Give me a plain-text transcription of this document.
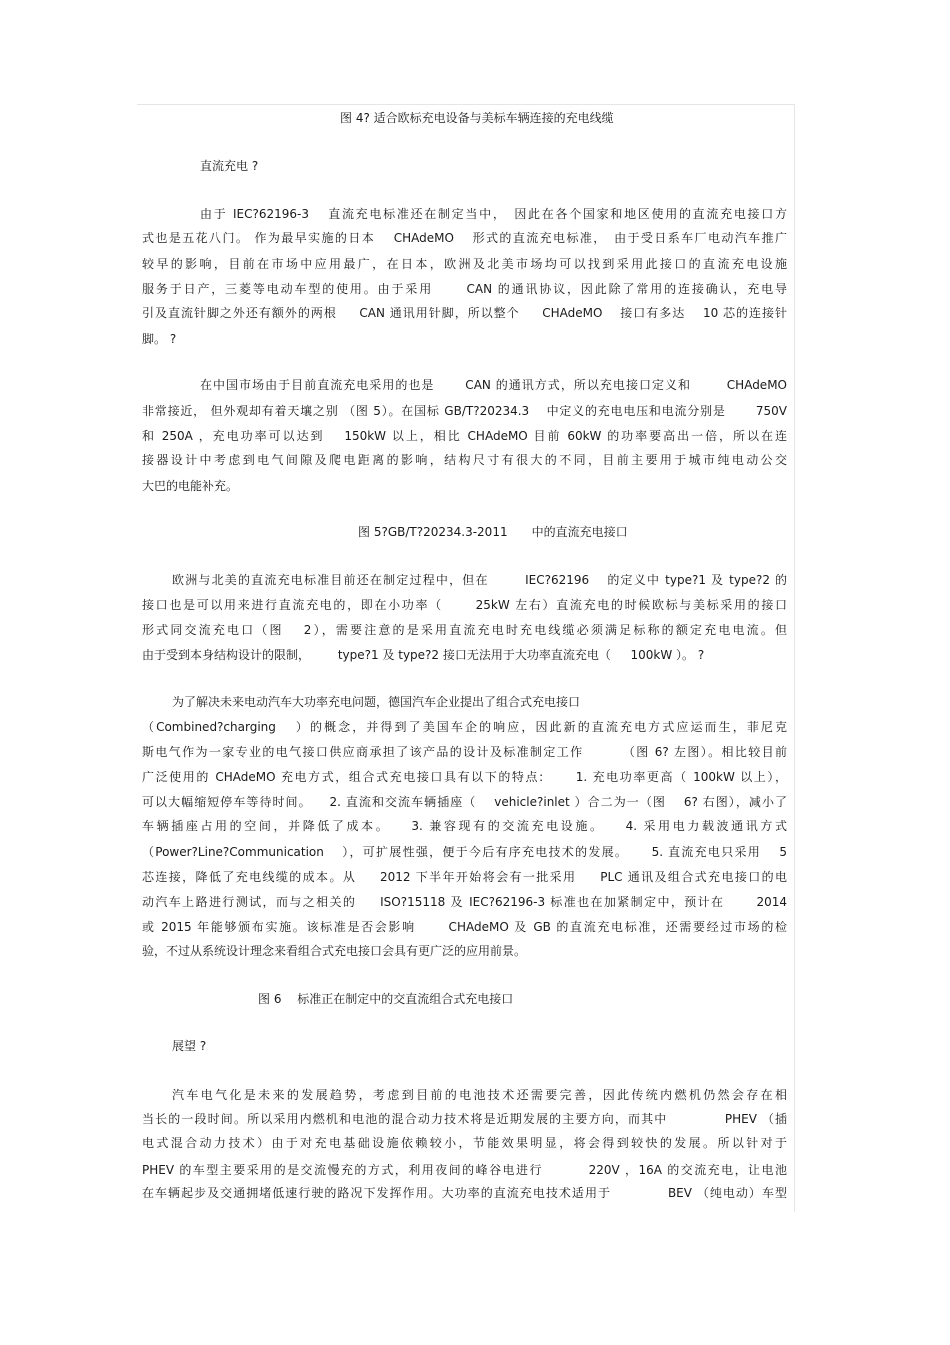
图 4? 适合欧标充电设备与美标车辆连接的充电线缆
直流充电 ?
由于 IEC?62196-3 　直流充电标准还在制定当中，　因此在各个国家和地区使用的直流充电接口方
式也是五花八门。 作为最早实施的日本 　CHAdeMO 　形式的直流充电标准，　由于受日系车厂电动汽车推广
较早的影响，目前在市场中应用最广，在日本，欧洲及北美市场均可以找到采用此接口的直流充电设施
服务于日产，三菱等电动车型的使用。由于采用 　　CAN 的通讯协议，因此除了常用的连接确认，充电导
引及直流针脚之外还有额外的两根 　 CAN 通讯用针脚，所以整个 　 CHAdeMO 　接口有多达 　10 芯的连接针
脚。 ?
在中国市场由于目前直流充电采用的也是 　　CAN 的通讯方式，所以充电接口定义和 　 　CHAdeMO
非常接近， 但外观却有着天壤之别 （图 5）。在国标 GB/T?20234.3 　中定义的充电电压和电流分别是 　　750V
和 250A ，充电功率可以达到 　150kW 以上，相比 CHAdeMO 目前 60kW 的功率要高出一倍，所以在连
接器设计中考虑到电气间隙及爬电距离的影响，结构尺寸有很大的不同，目前主要用于城市纯电动公交
大巴的电能补充。
图 5?GB/T?20234.3-2011　　中的直流充电接口
欧洲与北美的直流充电标准目前还在制定过程中，但在 　　 IEC?62196 　的定义中 type?1 及 type?2 的
接口也是可以用来进行直流充电的，即在小功率（ 　　25kW 左右）直流充电的时候欧标与美标采用的接口
形式同交流充电口（图 　2），需要注意的是采用直流充电时充电线缆必须满足标称的额定充电电流。但
由于受到本身结构设计的限制， 　　type?1 及 type?2 接口无法用于大功率直流充电（ 　 100kW ）。 ?
为了解决未来电动汽车大功率充电问题，德国汽车企业提出了组合式充电接口
（Combined?charging 　）的概念，并得到了美国车企的响应，因此新的直流充电方式应运而生，菲尼克
斯电气作为一家专业的电气接口供应商承担了该产品的设计及标准制定工作 　　　（图 6? 左图）。相比较目前
广泛使用的 CHAdeMO 充电方式，组合式充电接口具有以下的特点: 　　1. 充电功率更高（ 100kW 以上），
可以大幅缩短停车等待时间。 　2. 直流和交流车辆插座（ 　vehicle?inlet ）合二为一（图 　6? 右图），减小了
车辆插座占用的空间，并降低了成本。 　3. 兼容现有的交流充电设施。 　4. 采用电力载波通讯方式
（Power?Line?Communication 　），可扩展性强，便于今后有序充电技术的发展。 　 5. 直流充电只采用 　5
芯连接，降低了充电线缆的成本。从 　 2012 下半年开始将会有一批采用 　 PLC 通讯及组合式充电接口的电
动汽车上路进行测试，而与之相关的 　 ISO?15118 及 IEC?62196-3 标准也在加紧制定中，预计在 　　2014
或 2015 年能够颁布实施。该标准是否会影响 　　CHAdeMO 及 GB 的直流充电标准，还需要经过市场的检
验，不过从系统设计理念来看组合式充电接口会具有更广泛的应用前景。
图 6　 标准正在制定中的交直流组合式充电接口
展望 ?
汽车电气化是未来的发展趋势，考虑到目前的电池技术还需要完善，因此传统内燃机仍然会存在相
当长的一段时间。所以采用内燃机和电池的混合动力技术将是近期发展的主要方向，而其中 　　　　PHEV （插
电式混合动力技术）由于对充电基础设施依赖较小，节能效果明显，将会得到较快的发展。所以针对于
PHEV 的车型主要采用的是交流慢充的方式，利用夜间的峰谷电进行 　　　220V ，16A 的交流充电，让电池
在车辆起步及交通拥堵低速行驶的路况下发挥作用。大功率的直流充电技术适用于 　　　　BEV （纯电动）车型
